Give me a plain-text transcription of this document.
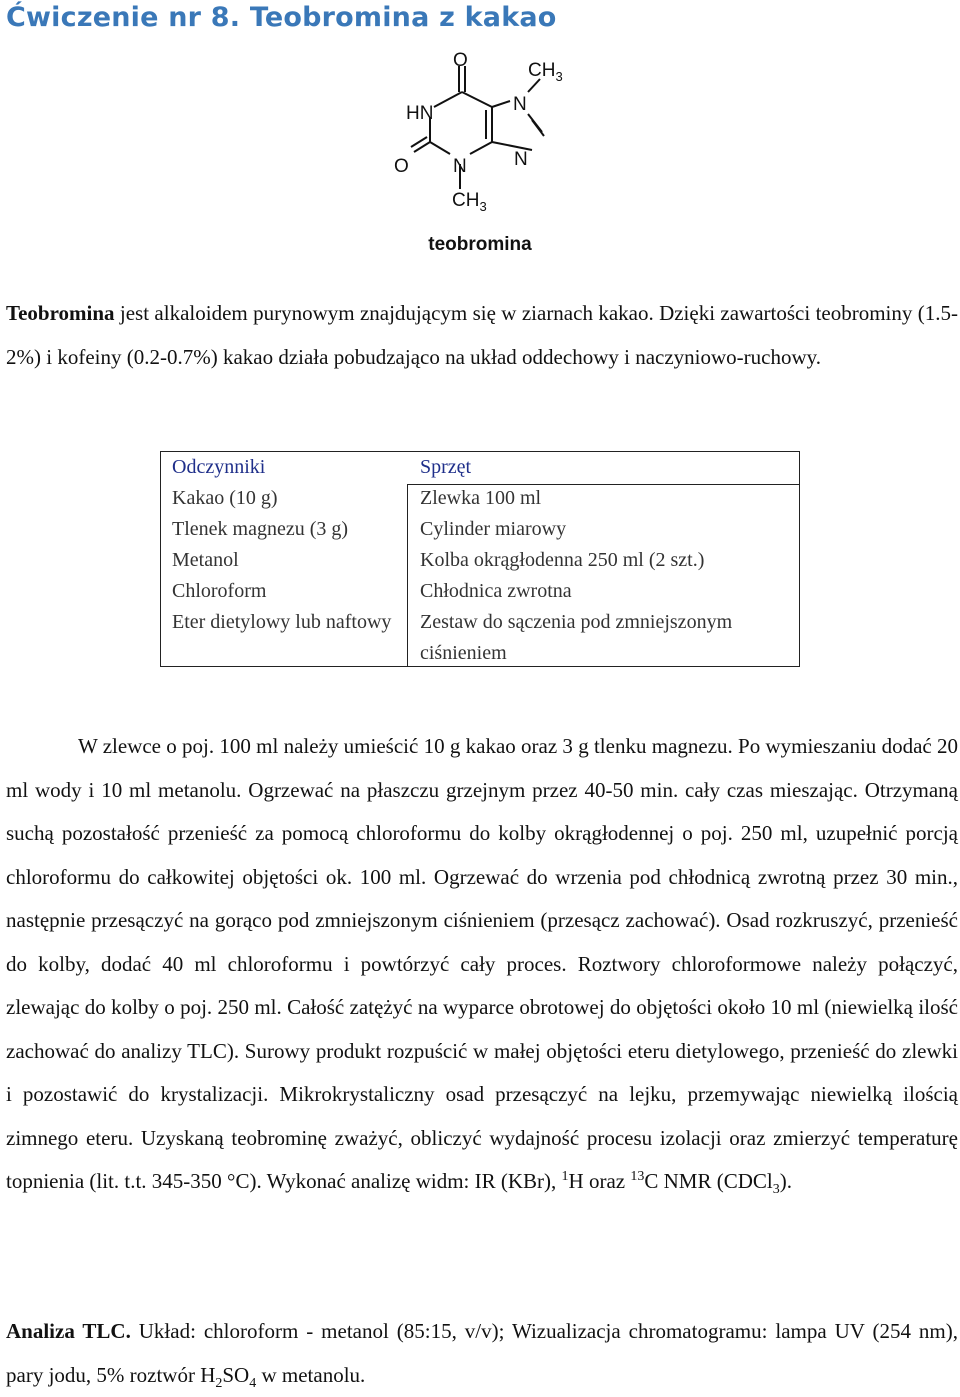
Ćwiczenie nr 8. Teobromina z kakao
O
HN
O N
N
N
$CH_3$
$CH_3$
teobromina

Teobromina jest alkaloidem purynowym znajdującym się w ziarnach kakao. Dzięki zawartości teobrominy (1.5-2%) i kofeiny (0.2-0.7%) kakao działa pobudzająco na układ oddechowy i naczyniowo-ruchowy.

Odczynniki
Kakao (10 g)
Tlenek magnezu (3 g)
Metanol
Chloroform
Eter dietylowy lub naftowy
Sprzęt
Zlewka 100 ml
Cylinder miarowy
Kolba okrągłodenna 250 ml (2 szt.)
Chłodnica zwrotna
Zestaw do sączenia pod zmniejszonym ciśnieniem

W zlewce o poj. 100 ml należy umieścić 10 g kakao oraz 3 g tlenku magnezu. Po wymieszaniu dodać 20 ml wody i 10 ml metanolu. Ogrzewać na płaszczu grzejnym przez 40-50 min. cały czas mieszając. Otrzymaną suchą pozostałość przenieść za pomocą chloroformu do kolby okrągłodennej o poj. 250 ml, uzupełnić porcją chloroformu do całkowitej objętości ok. 100 ml. Ogrzewać do wrzenia pod chłodnicą zwrotną przez 30 min., następnie przesączyć na gorąco pod zmniejszonym ciśnieniem (przesącz zachować). Osad rozkruszyć, przenieść do kolby, dodać 40 ml chloroformu i powtórzyć cały proces. Roztwory chloroformowe należy połączyć, zlewając do kolby o poj. 250 ml. Całość zatężyć na wyparce obrotowej do objętości około 10 ml (niewielką ilość zachować do analizy TLC). Surowy produkt rozpuścić w małej objętości eteru dietylowego, przenieść do zlewki i pozostawić do krystalizacji. Mikrokrystaliczny osad przesączyć na lejku, przemywając niewielką ilością zimnego eteru. Uzyskaną teobrominę zważyć, obliczyć wydajność procesu izolacji oraz zmierzyć temperaturę topnienia (lit. t.t. 345-350 °C). Wykonać analizę widm: IR (KBr), $^1$H oraz $^{13}$C NMR (CDCl$_3$).

Analiza TLC. Układ: chloroform - metanol (85:15, v/v); Wizualizacja chromatogramu: lampa UV (254 nm), pary jodu, 5% roztwór $H_2SO_4$ w metanolu.
